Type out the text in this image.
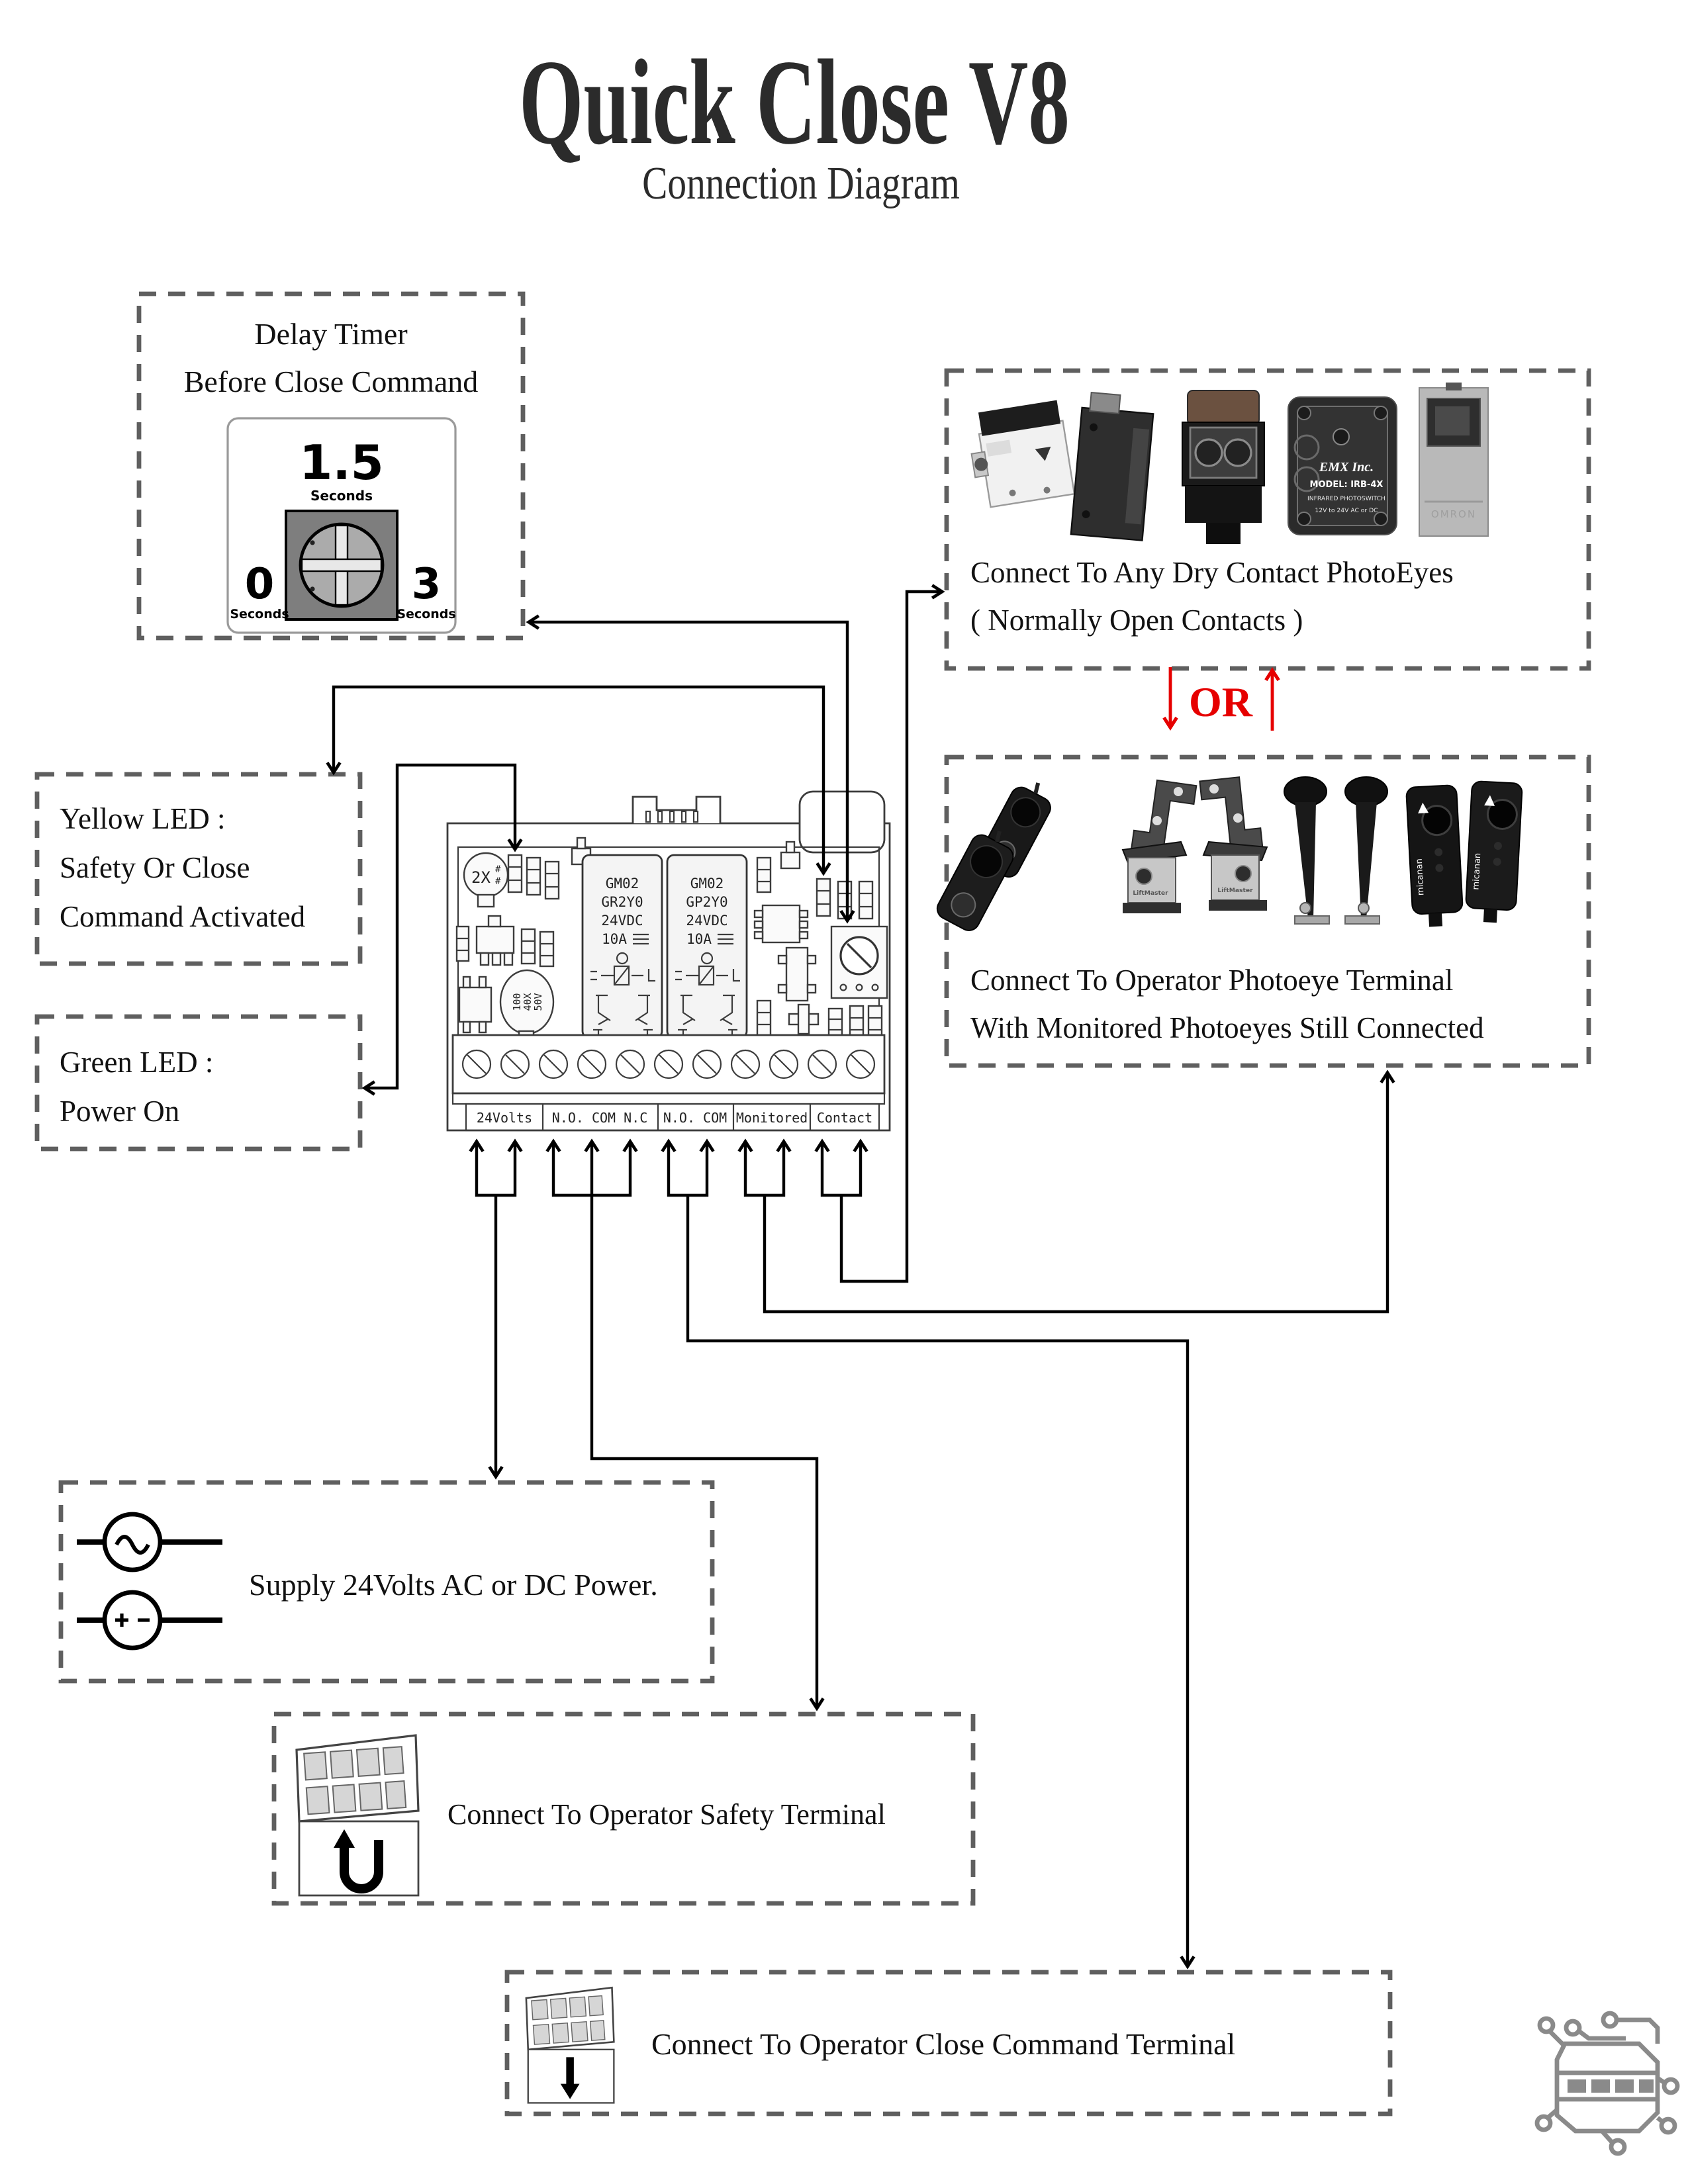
Quick Close V8
Connection Diagram
Delay Timer
Before Close Command
1.5
Seconds
0
Seconds
3
Seconds
EMX Inc.
MODEL: IRB-4X
INFRARED PHOTOSWITCH
12V to 24V AC or DC	OMRON
Connect To Any Dry Contact PhotoEyes
( Normally Open Contacts )
OR
LiftMaster	LiftMaster	micanan	micanan
Connect To Operator Photoeye Terminal
With Monitored Photoeyes Still Connected
Yellow LED :
Safety Or Close
Command Activated
Green LED :
Power On
2X #
#
100
40X
50V
GM02
GR2Y0
24VDC
10A
GM02
GP2Y0
24VDC
10A
24Volts	N.O. COM N.C N.O. COM Monitored Contact
Supply 24Volts AC or DC Power.
Connect To Operator Safety Terminal
Connect To Operator Close Command Terminal
